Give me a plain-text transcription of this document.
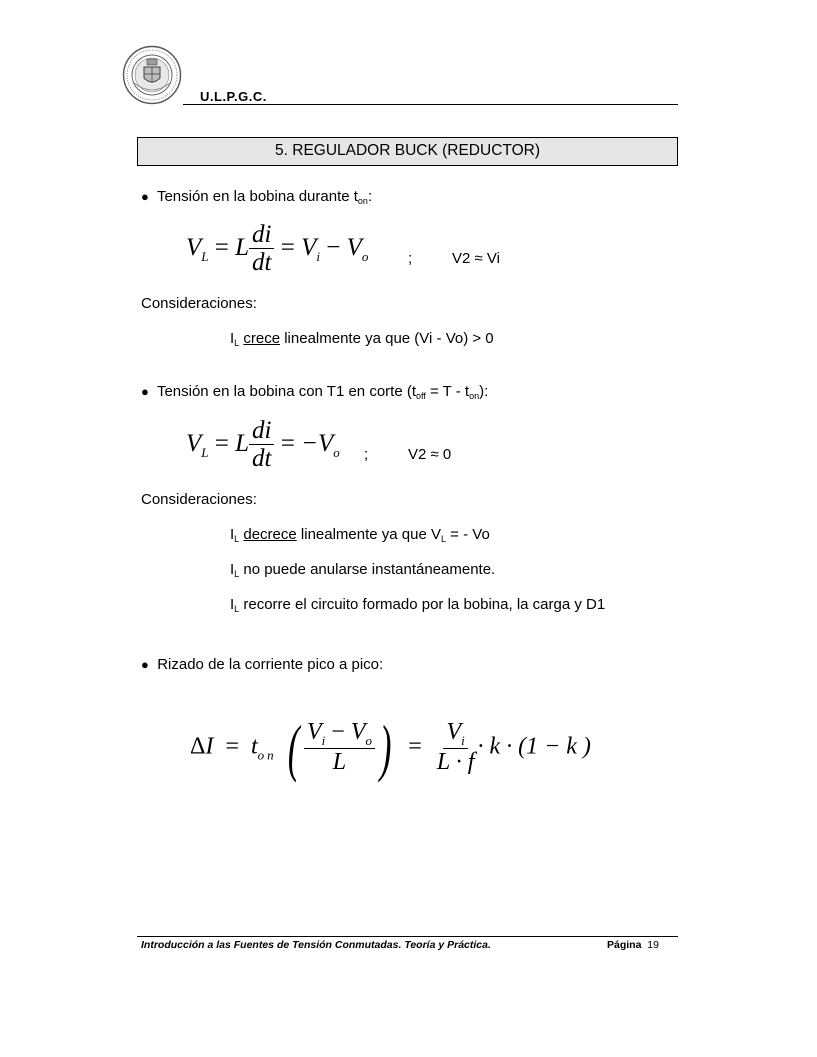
U.L.P.G.C.
5. REGULADOR BUCK (REDUCTOR)
● Tensión en la bobina durante $t_{on}$:
$V_L = L \frac{di}{dt} = V_i - V_o$	;	V2 ≈ Vi
Consideraciones:
$I_L$ crece linealmente ya que (Vi - Vo) > 0
● Tensión en la bobina con T1 en corte $(t_{off} = T - t_{on})$:
$V_L = L \frac{di}{dt} = -V_o$ ;	V2 ≈ 0
Consideraciones:
$I_L$ decrece linealmente ya que $V_L$ = - Vo
$I_L$ no puede anularse instantáneamente.
$I_L$ recorre el circuito formado por la bobina, la carga y D1
● Rizado de la corriente pico a pico:
$\Delta I = t_{on}$ ( $\frac{V_i - V_o}{L}$ ) = $\frac{V_i}{L \cdot f} \cdot k \cdot (1 - k$ )
Introducción a las Fuentes de Tensión Conmutadas. Teoría y Práctica.	Página 19
